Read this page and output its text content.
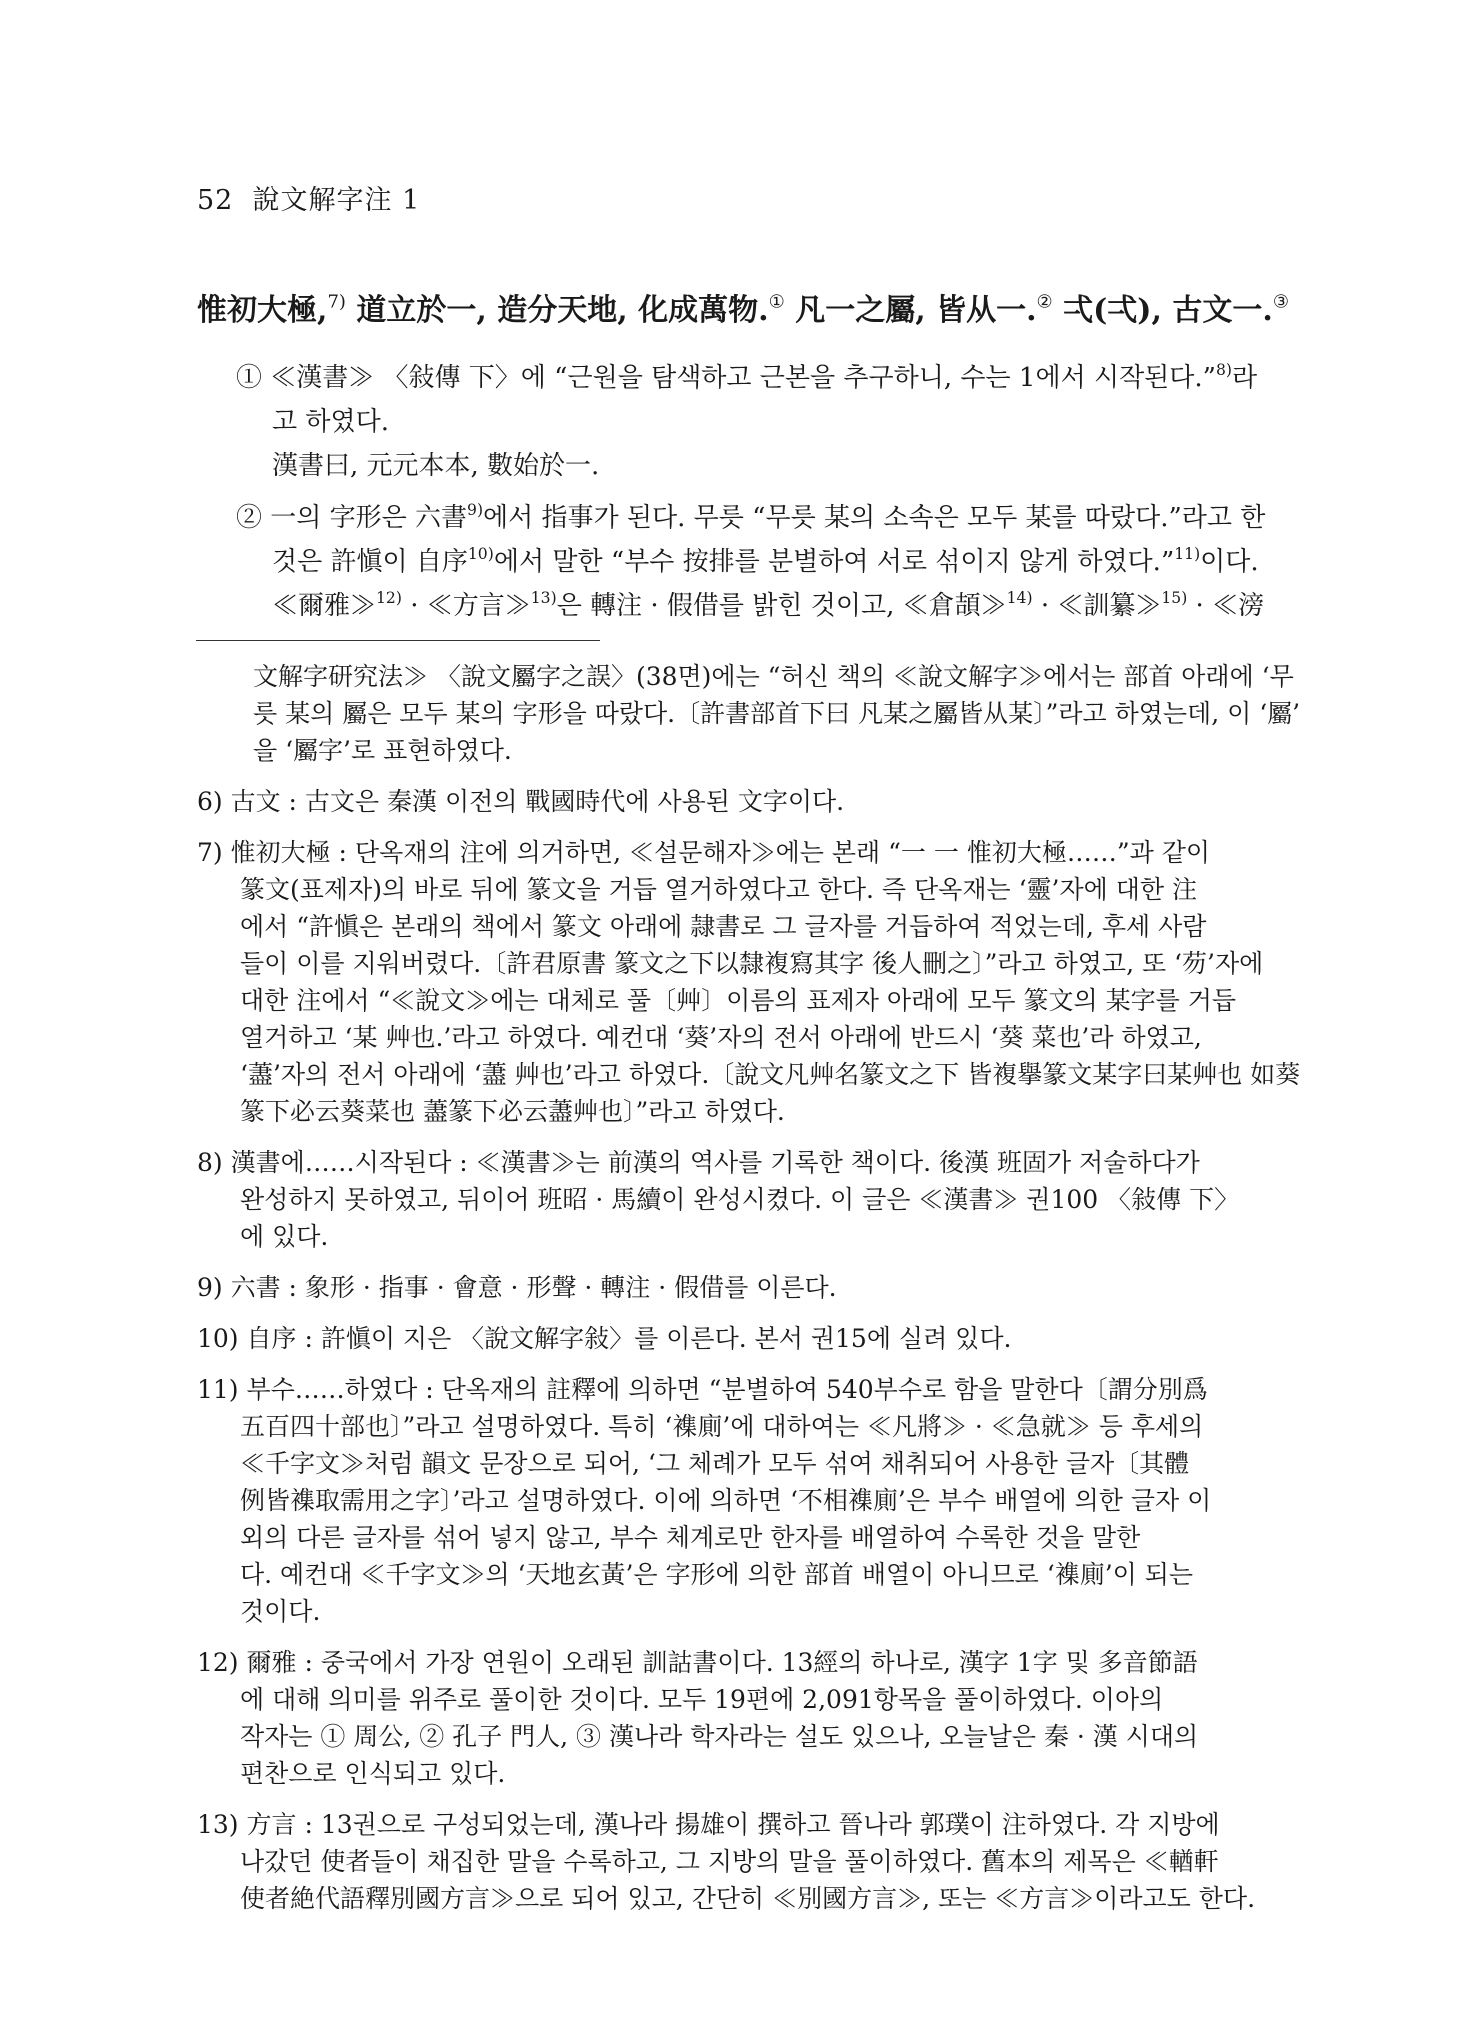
52 說文解字注 1
惟初大極,$^{7)}$ 道立於一, 造分天地, 化成萬物.① 凡一之屬, 皆从一.② 弌(弌), 古文一.③
① ≪漢書≫ 〈敍傳 下〉에 “근원을 탐색하고 근본을 추구하니, 수는 1에서 시작된다.”$^{8)}$라
고 하였다.
漢書曰, 元元本本, 數始於一.
② 一의 字形은 六書$^{9)}$에서 指事가 된다. 무릇 “무릇 某의 소속은 모두 某를 따랐다.”라고 한
것은 許愼이 自序$^{10)}$에서 말한 “부수 按排를 분별하여 서로 섞이지 않게 하였다.”$^{11)}$이다.
≪爾雅≫$^{12)}$ · ≪方言≫$^{13)}$은 轉注 · 假借를 밝힌 것이고, ≪倉頡≫$^{14)}$ · ≪訓纂≫$^{15)}$ · ≪滂
文解字研究法≫ 〈說文屬字之誤〉(38면)에는 “허신 책의 ≪說文解字≫에서는 部首 아래에 ‘무
릇 某의 屬은 모두 某의 字形을 따랐다.〔許書部首下曰 凡某之屬皆从某〕”라고 하였는데, 이 ‘屬’
을 ‘屬字’로 표현하였다.
6) 古文 : 古文은 秦漢 이전의 戰國時代에 사용된 文字이다.
7) 惟初大極 : 단옥재의 注에 의거하면, ≪설문해자≫에는 본래 “一 一 惟初大極……”과 같이
篆文(표제자)의 바로 뒤에 篆文을 거듭 열거하였다고 한다. 즉 단옥재는 ‘靈’자에 대한 注
에서 “許愼은 본래의 책에서 篆文 아래에 隷書로 그 글자를 거듭하여 적었는데, 후세 사람
들이 이를 지워버렸다.〔許君原書 篆文之下以隸複寫其字 後人刪之〕”라고 하였고, 또 ‘芴’자에
대한 注에서 “≪說文≫에는 대체로 풀〔艸〕이름의 표제자 아래에 모두 篆文의 某字를 거듭
열거하고 ‘某 艸也.’라고 하였다. 예컨대 ‘葵’자의 전서 아래에 반드시 ‘葵 菜也’라 하였고,
‘藎’자의 전서 아래에 ‘藎 艸也’라고 하였다.〔說文凡艸名篆文之下 皆複擧篆文某字曰某艸也 如葵
篆下必云葵菜也 藎篆下必云藎艸也〕”라고 하였다.
8) 漢書에……시작된다 : ≪漢書≫는 前漢의 역사를 기록한 책이다. 後漢 班固가 저술하다가
완성하지 못하였고, 뒤이어 班昭 · 馬續이 완성시켰다. 이 글은 ≪漢書≫ 권100 〈敍傳 下〉
에 있다.
9) 六書 : 象形 · 指事 · 會意 · 形聲 · 轉注 · 假借를 이른다.
10) 自序 : 許愼이 지은 〈說文解字敍〉를 이른다. 본서 권15에 실려 있다.
11) 부수……하였다 : 단옥재의 註釋에 의하면 “분별하여 540부수로 함을 말한다〔謂分別爲
五百四十部也〕”라고 설명하였다. 특히 ‘襍廁’에 대하여는 ≪凡將≫ · ≪急就≫ 등 후세의
≪千字文≫처럼 韻文 문장으로 되어, ‘그 체례가 모두 섞여 채취되어 사용한 글자〔其體
例皆襍取需用之字〕’라고 설명하였다. 이에 의하면 ‘不相襍廁’은 부수 배열에 의한 글자 이
외의 다른 글자를 섞어 넣지 않고, 부수 체계로만 한자를 배열하여 수록한 것을 말한
다. 예컨대 ≪千字文≫의 ‘天地玄黃’은 字形에 의한 部首 배열이 아니므로 ‘襍廁’이 되는
것이다.
12) 爾雅 : 중국에서 가장 연원이 오래된 訓詁書이다. 13經의 하나로, 漢字 1字 및 多音節語
에 대해 의미를 위주로 풀이한 것이다. 모두 19편에 2,091항목을 풀이하였다. 이아의
작자는 ① 周公, ② 孔子 門人, ③ 漢나라 학자라는 설도 있으나, 오늘날은 秦 · 漢 시대의
편찬으로 인식되고 있다.
13) 方言 : 13권으로 구성되었는데, 漢나라 揚雄이 撰하고 晉나라 郭璞이 注하였다. 각 지방에
나갔던 使者들이 채집한 말을 수록하고, 그 지방의 말을 풀이하였다. 舊本의 제목은 ≪輶軒
使者絶代語釋別國方言≫으로 되어 있고, 간단히 ≪別國方言≫, 또는 ≪方言≫이라고도 한다.
